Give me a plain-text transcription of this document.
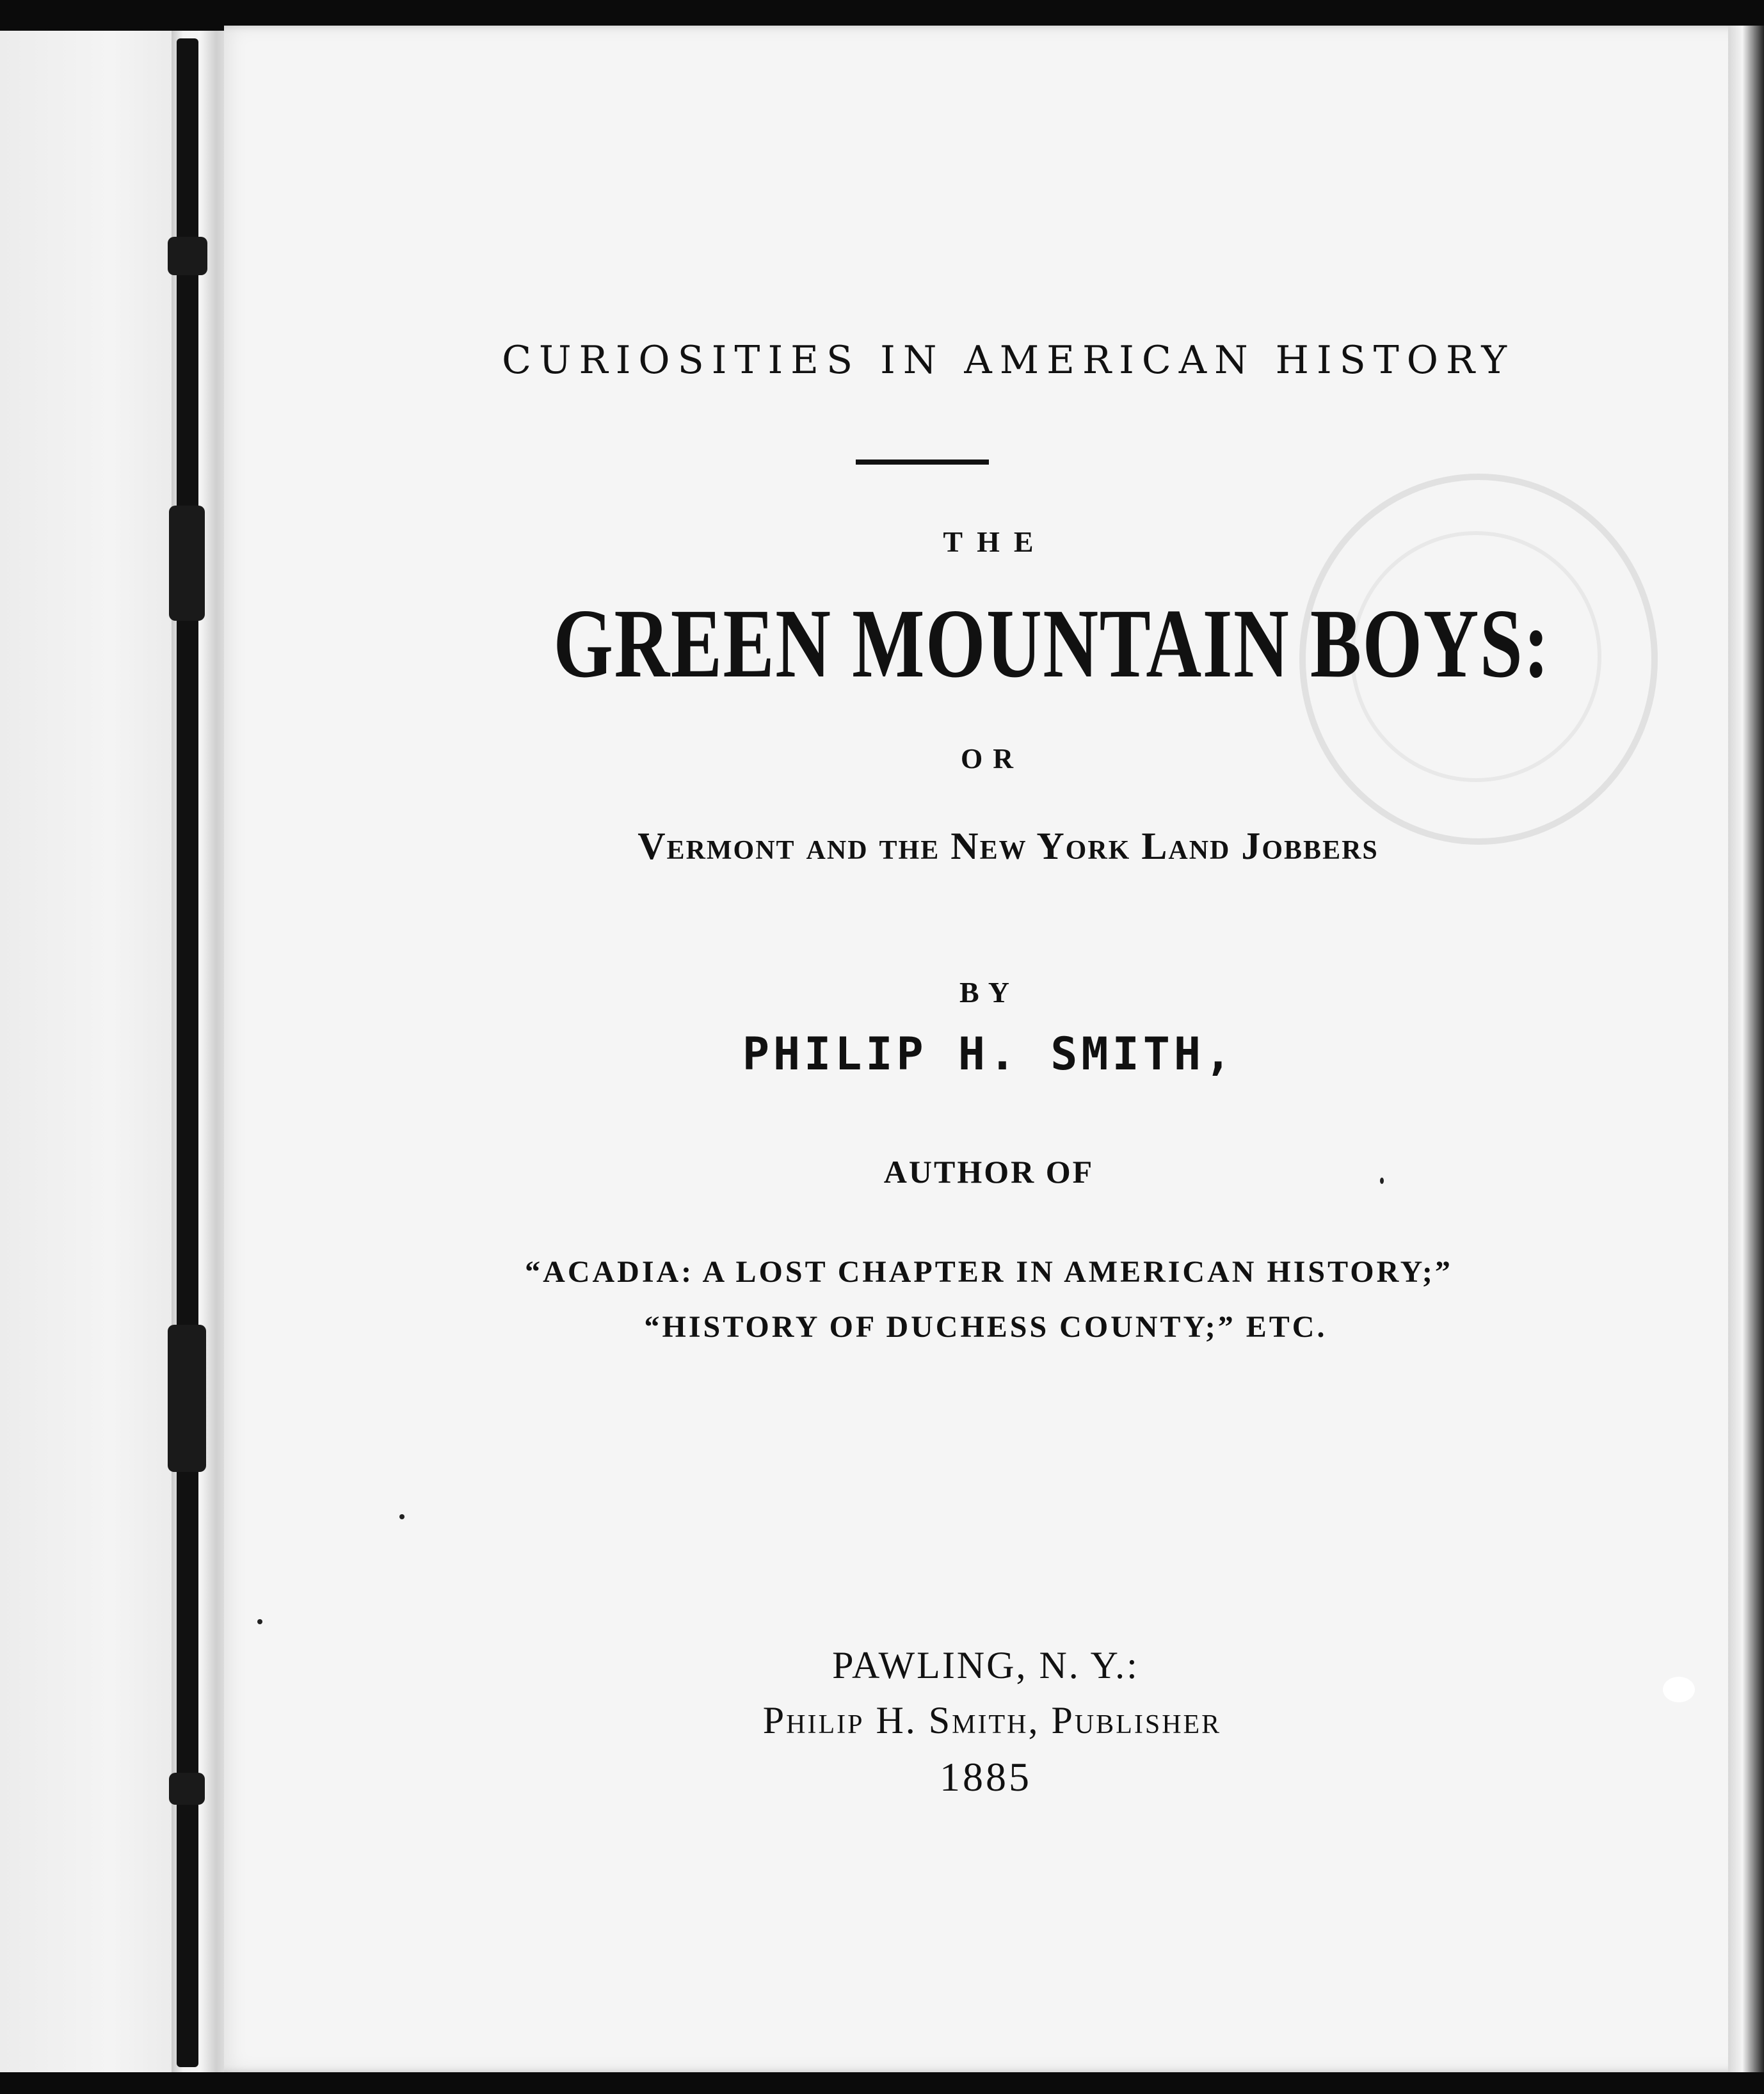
CURIOSITIES IN AMERICAN HISTORY

THE

GREEN MOUNTAIN BOYS:

OR

Vermont and the New York Land Jobbers

BY

PHILIP H. SMITH,

AUTHOR OF

“ACADIA: A LOST CHAPTER IN AMERICAN HISTORY;”

“HISTORY OF DUCHESS COUNTY;” ETC.

PAWLING, N. Y.:

Philip H. Smith, Publisher

1885
